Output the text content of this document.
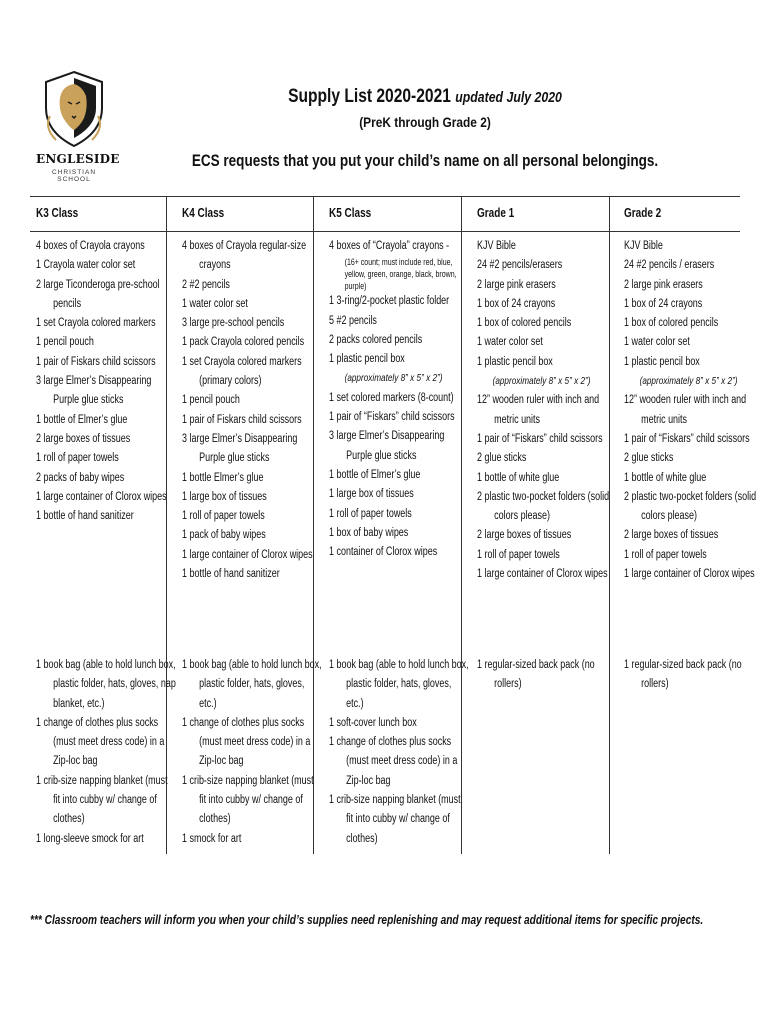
ENGLESIDE
CHRISTIAN SCHOOL
Supply List 2020-2021 updated July 2020
(PreK through Grade 2)
ECS requests that you put your child’s name on all personal belongings.
K3 Class
4 boxes of Crayola crayons
1 Crayola water color set
2 large Ticonderoga pre-school pencils
1 set Crayola colored markers
1 pencil pouch
1 pair of Fiskars child scissors
3 large Elmer’s Disappearing Purple glue sticks
1 bottle of Elmer’s glue
2 large boxes of tissues
1 roll of paper towels
2 packs of baby wipes
1 large container of Clorox wipes
1 bottle of hand sanitizer
1 book bag (able to hold lunch box, plastic folder, hats, gloves, nap blanket, etc.)
1 change of clothes plus socks (must meet dress code) in a Zip-loc bag
1 crib-size napping blanket (must fit into cubby w/ change of clothes)
1 long-sleeve smock for art
K4 Class
4 boxes of Crayola regular-size crayons
2 #2 pencils
1 water color set
3 large pre-school pencils
1 pack Crayola colored pencils
1 set Crayola colored markers (primary colors)
1 pencil pouch
1 pair of Fiskars child scissors
3 large Elmer’s Disappearing Purple glue sticks
1 bottle Elmer’s glue
1 large box of tissues
1 roll of paper towels
1 pack of baby wipes
1 large container of Clorox wipes
1 bottle of hand sanitizer
1 book bag (able to hold lunch box, plastic folder, hats, gloves, etc.)
1 change of clothes plus socks (must meet dress code) in a Zip-loc bag
1 crib-size napping blanket (must fit into cubby w/ change of clothes)
1 smock for art
K5 Class
4 boxes of “Crayola” crayons -
(16+ count; must include red, blue, yellow, green, orange, black, brown, purple)
1 3-ring/2-pocket plastic folder
5 #2 pencils
2 packs colored pencils
1 plastic pencil box
(approximately 8” x 5” x 2”)
1 set colored markers (8-count)
1 pair of “Fiskars” child scissors
3 large Elmer’s Disappearing Purple glue sticks
1 bottle of Elmer’s glue
1 large box of tissues
1 roll of paper towels
1 box of baby wipes
1 container of Clorox wipes
1 book bag (able to hold lunch box, plastic folder, hats, gloves, etc.)
1 soft-cover lunch box
1 change of clothes plus socks (must meet dress code) in a Zip-loc bag
1 crib-size napping blanket (must fit into cubby w/ change of clothes)
Grade 1
KJV Bible
24 #2 pencils/erasers
2 large pink erasers
1 box of 24 crayons
1 box of colored pencils
1 water color set
1 plastic pencil box
(approximately 8” x 5” x 2”)
12” wooden ruler with inch and metric units
1 pair of “Fiskars” child scissors
2 glue sticks
1 bottle of white glue
2 plastic two-pocket folders (solid colors please)
2 large boxes of tissues
1 roll of paper towels
1 large container of Clorox wipes
1 regular-sized back pack (no rollers)
Grade 2
KJV Bible
24 #2 pencils / erasers
2 large pink erasers
1 box of 24 crayons
1 box of colored pencils
1 water color set
1 plastic pencil box
(approximately 8” x 5” x 2”)
12” wooden ruler with inch and metric units
1 pair of “Fiskars” child scissors
2 glue sticks
1 bottle of white glue
2 plastic two-pocket folders (solid colors please)
2 large boxes of tissues
1 roll of paper towels
1 large container of Clorox wipes
1 regular-sized back pack (no rollers)
*** Classroom teachers will inform you when your child’s supplies need replenishing and may request additional items for specific projects.
